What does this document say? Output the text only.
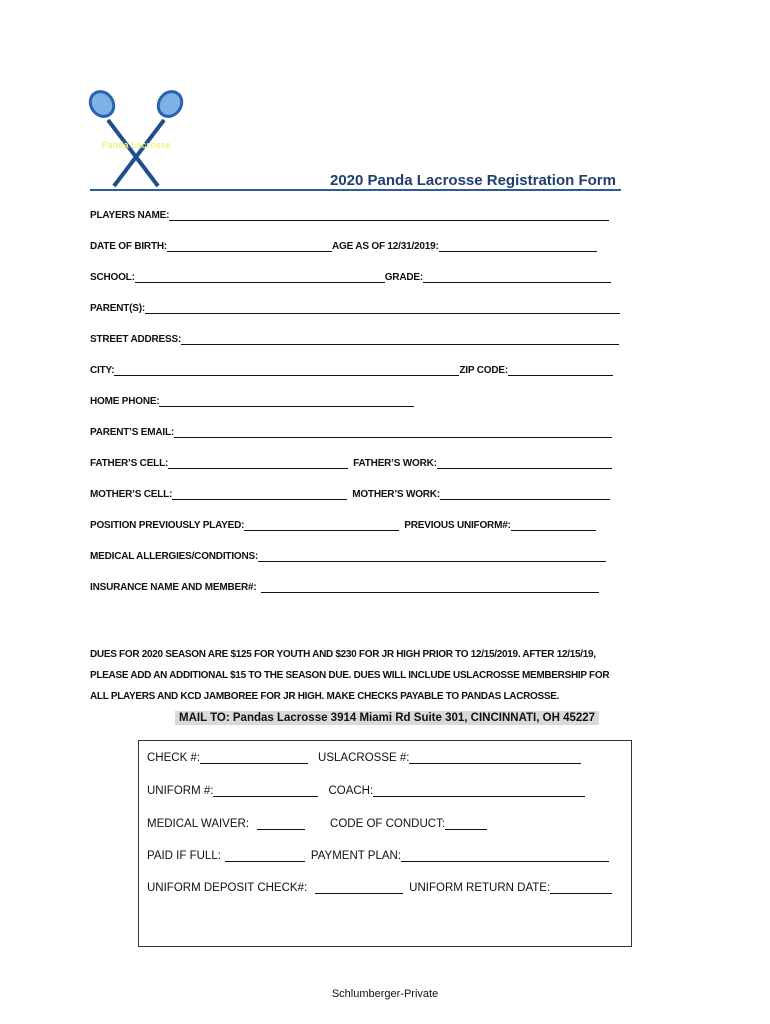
Panda Lacrosse
2020 Panda Lacrosse Registration Form
PLAYERS NAME:
DATE OF BIRTH:	AGE AS OF 12/31/2019:
SCHOOL:	GRADE:
PARENT(S):
STREET ADDRESS:
CITY:	ZIP CODE:
HOME PHONE:
PARENT’S EMAIL:
FATHER’S CELL:	FATHER’S WORK:
MOTHER’S CELL:	MOTHER’S WORK:
POSITION PREVIOUSLY PLAYED:	PREVIOUS UNIFORM#:
MEDICAL ALLERGIES/CONDITIONS:
INSURANCE NAME AND MEMBER#:
DUES FOR 2020 SEASON ARE $125 FOR YOUTH AND $230 FOR JR HIGH PRIOR TO 12/15/2019. AFTER 12/15/19,
PLEASE ADD AN ADDITIONAL $15 TO THE SEASON DUE. DUES WILL INCLUDE USLACROSSE MEMBERSHIP FOR
ALL PLAYERS AND KCD JAMBOREE FOR JR HIGH. MAKE CHECKS PAYABLE TO PANDAS LACROSSE.
MAIL TO: Pandas Lacrosse 3914 Miami Rd Suite 301, CINCINNATI, OH 45227
CHECK #:	USLACROSSE #:
UNIFORM #:	COACH:
MEDICAL WAIVER:	CODE OF CONDUCT:
PAID IF FULL:	PAYMENT PLAN:
UNIFORM DEPOSIT CHECK#:	UNIFORM RETURN DATE:
Schlumberger-Private
